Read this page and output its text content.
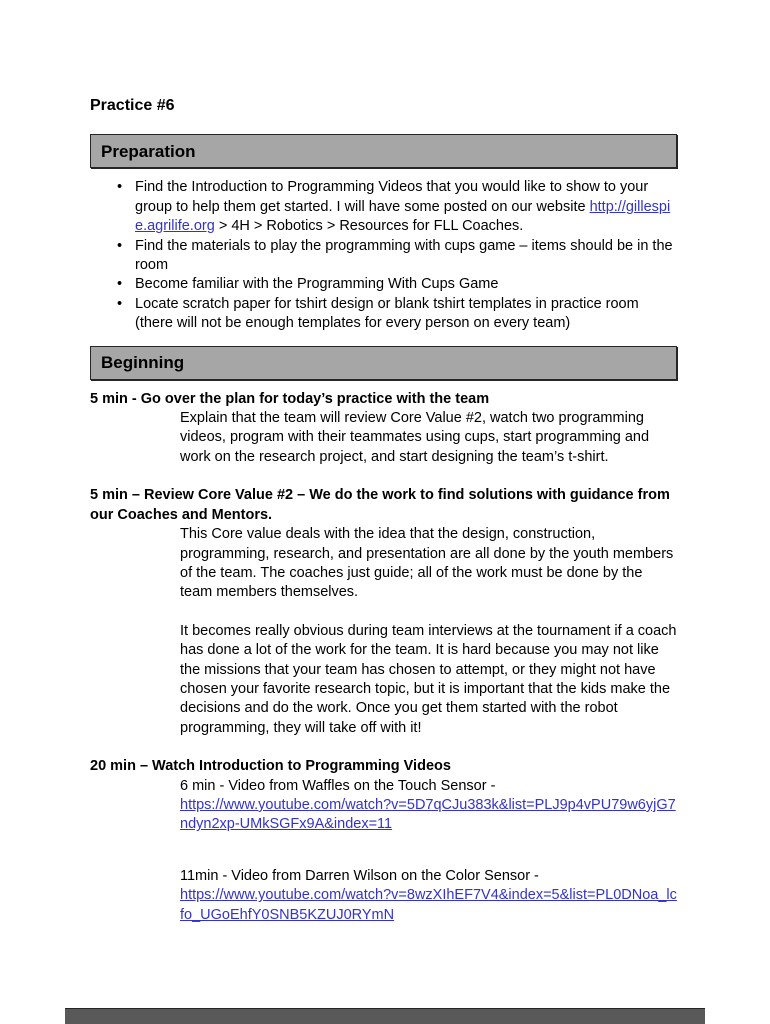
Practice #6
Preparation
• Find the Introduction to Programming Videos that you would like to show to your group to help them get started. I will have some posted on our website http://gillespie.agrilife.org > 4H > Robotics > Resources for FLL Coaches.
• Find the materials to play the programming with cups game – items should be in the room
• Become familiar with the Programming With Cups Game
• Locate scratch paper for tshirt design or blank tshirt templates in practice room (there will not be enough templates for every person on every team)
Beginning

5 min - Go over the plan for today’s practice with the team

Explain that the team will review Core Value #2, watch two programming videos, program with their teammates using cups, start programming and work on the research project, and start designing the team’s t-shirt.

5 min – Review Core Value #2 – We do the work to find solutions with guidance from our Coaches and Mentors.

This Core value deals with the idea that the design, construction, programming, research, and presentation are all done by the youth members of the team. The coaches just guide; all of the work must be done by the team members themselves.

It becomes really obvious during team interviews at the tournament if a coach has done a lot of the work for the team. It is hard because you may not like the missions that your team has chosen to attempt, or they might not have chosen your favorite research topic, but it is important that the kids make the decisions and do the work. Once you get them started with the robot programming, they will take off with it!

20 min – Watch Introduction to Programming Videos

6 min - Video from Waffles on the Touch Sensor -

https://www.youtube.com/watch?v=5D7qCJu383k&list=PLJ9p4vPU79w6yjG7ndyn2xp-UMkSGFx9A&index=11

11min - Video from Darren Wilson on the Color Sensor -

https://www.youtube.com/watch?v=8wzXIhEF7V4&index=5&list=PL0DNoa_lcfo_UGoEhfY0SNB5KZUJ0RYmN
